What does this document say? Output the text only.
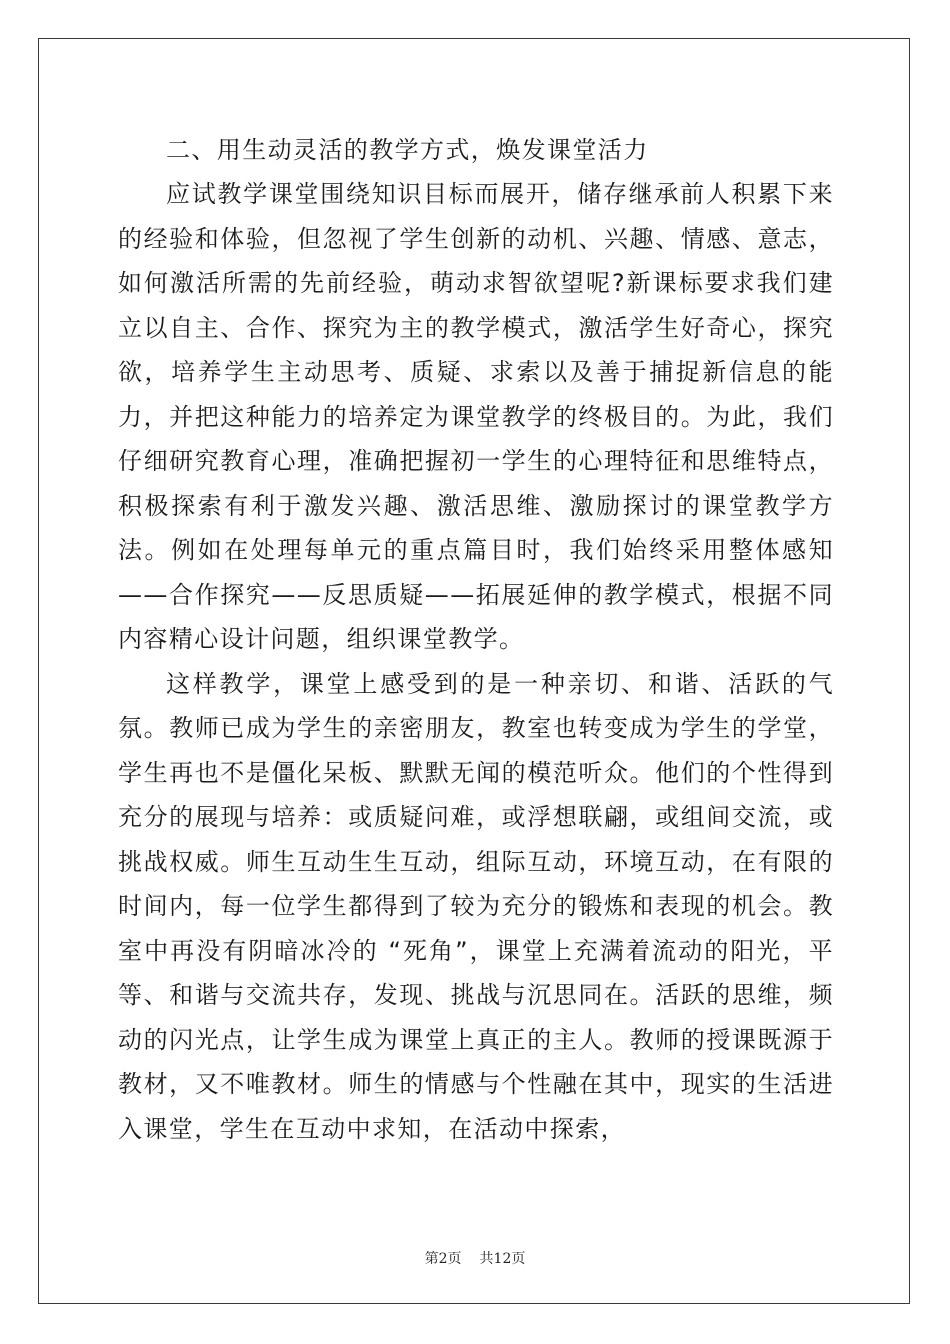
二、用生动灵活的教学方式，焕发课堂活力

应试教学课堂围绕知识目标而展开，储存继承前人积累下来的经验和体验，但忽视了学生创新的动机、兴趣、情感、意志，如何激活所需的先前经验，萌动求智欲望呢?新课标要求我们建立以自主、合作、探究为主的教学模式，激活学生好奇心，探究欲，培养学生主动思考、质疑、求索以及善于捕捉新信息的能力，并把这种能力的培养定为课堂教学的终极目的。为此，我们仔细研究教育心理，准确把握初一学生的心理特征和思维特点，积极探索有利于激发兴趣、激活思维、激励探讨的课堂教学方法。例如在处理每单元的重点篇目时，我们始终采用整体感知——合作探究——反思质疑——拓展延伸的教学模式，根据不同内容精心设计问题，组织课堂教学。

这样教学，课堂上感受到的是一种亲切、和谐、活跃的气氛。教师已成为学生的亲密朋友，教室也转变成为学生的学堂，学生再也不是僵化呆板、默默无闻的模范听众。他们的个性得到充分的展现与培养：或质疑问难，或浮想联翩，或组间交流，或挑战权威。师生互动生生互动，组际互动，环境互动，在有限的时间内，每一位学生都得到了较为充分的锻炼和表现的机会。教室中再没有阴暗冰冷的 “死角”，课堂上充满着流动的阳光，平等、和谐与交流共存，发现、挑战与沉思同在。活跃的思维，频动的闪光点，让学生成为课堂上真正的主人。教师的授课既源于教材，又不唯教材。师生的情感与个性融在其中，现实的生活进入课堂，学生在互动中求知，在活动中探索，

第2页 共12页
